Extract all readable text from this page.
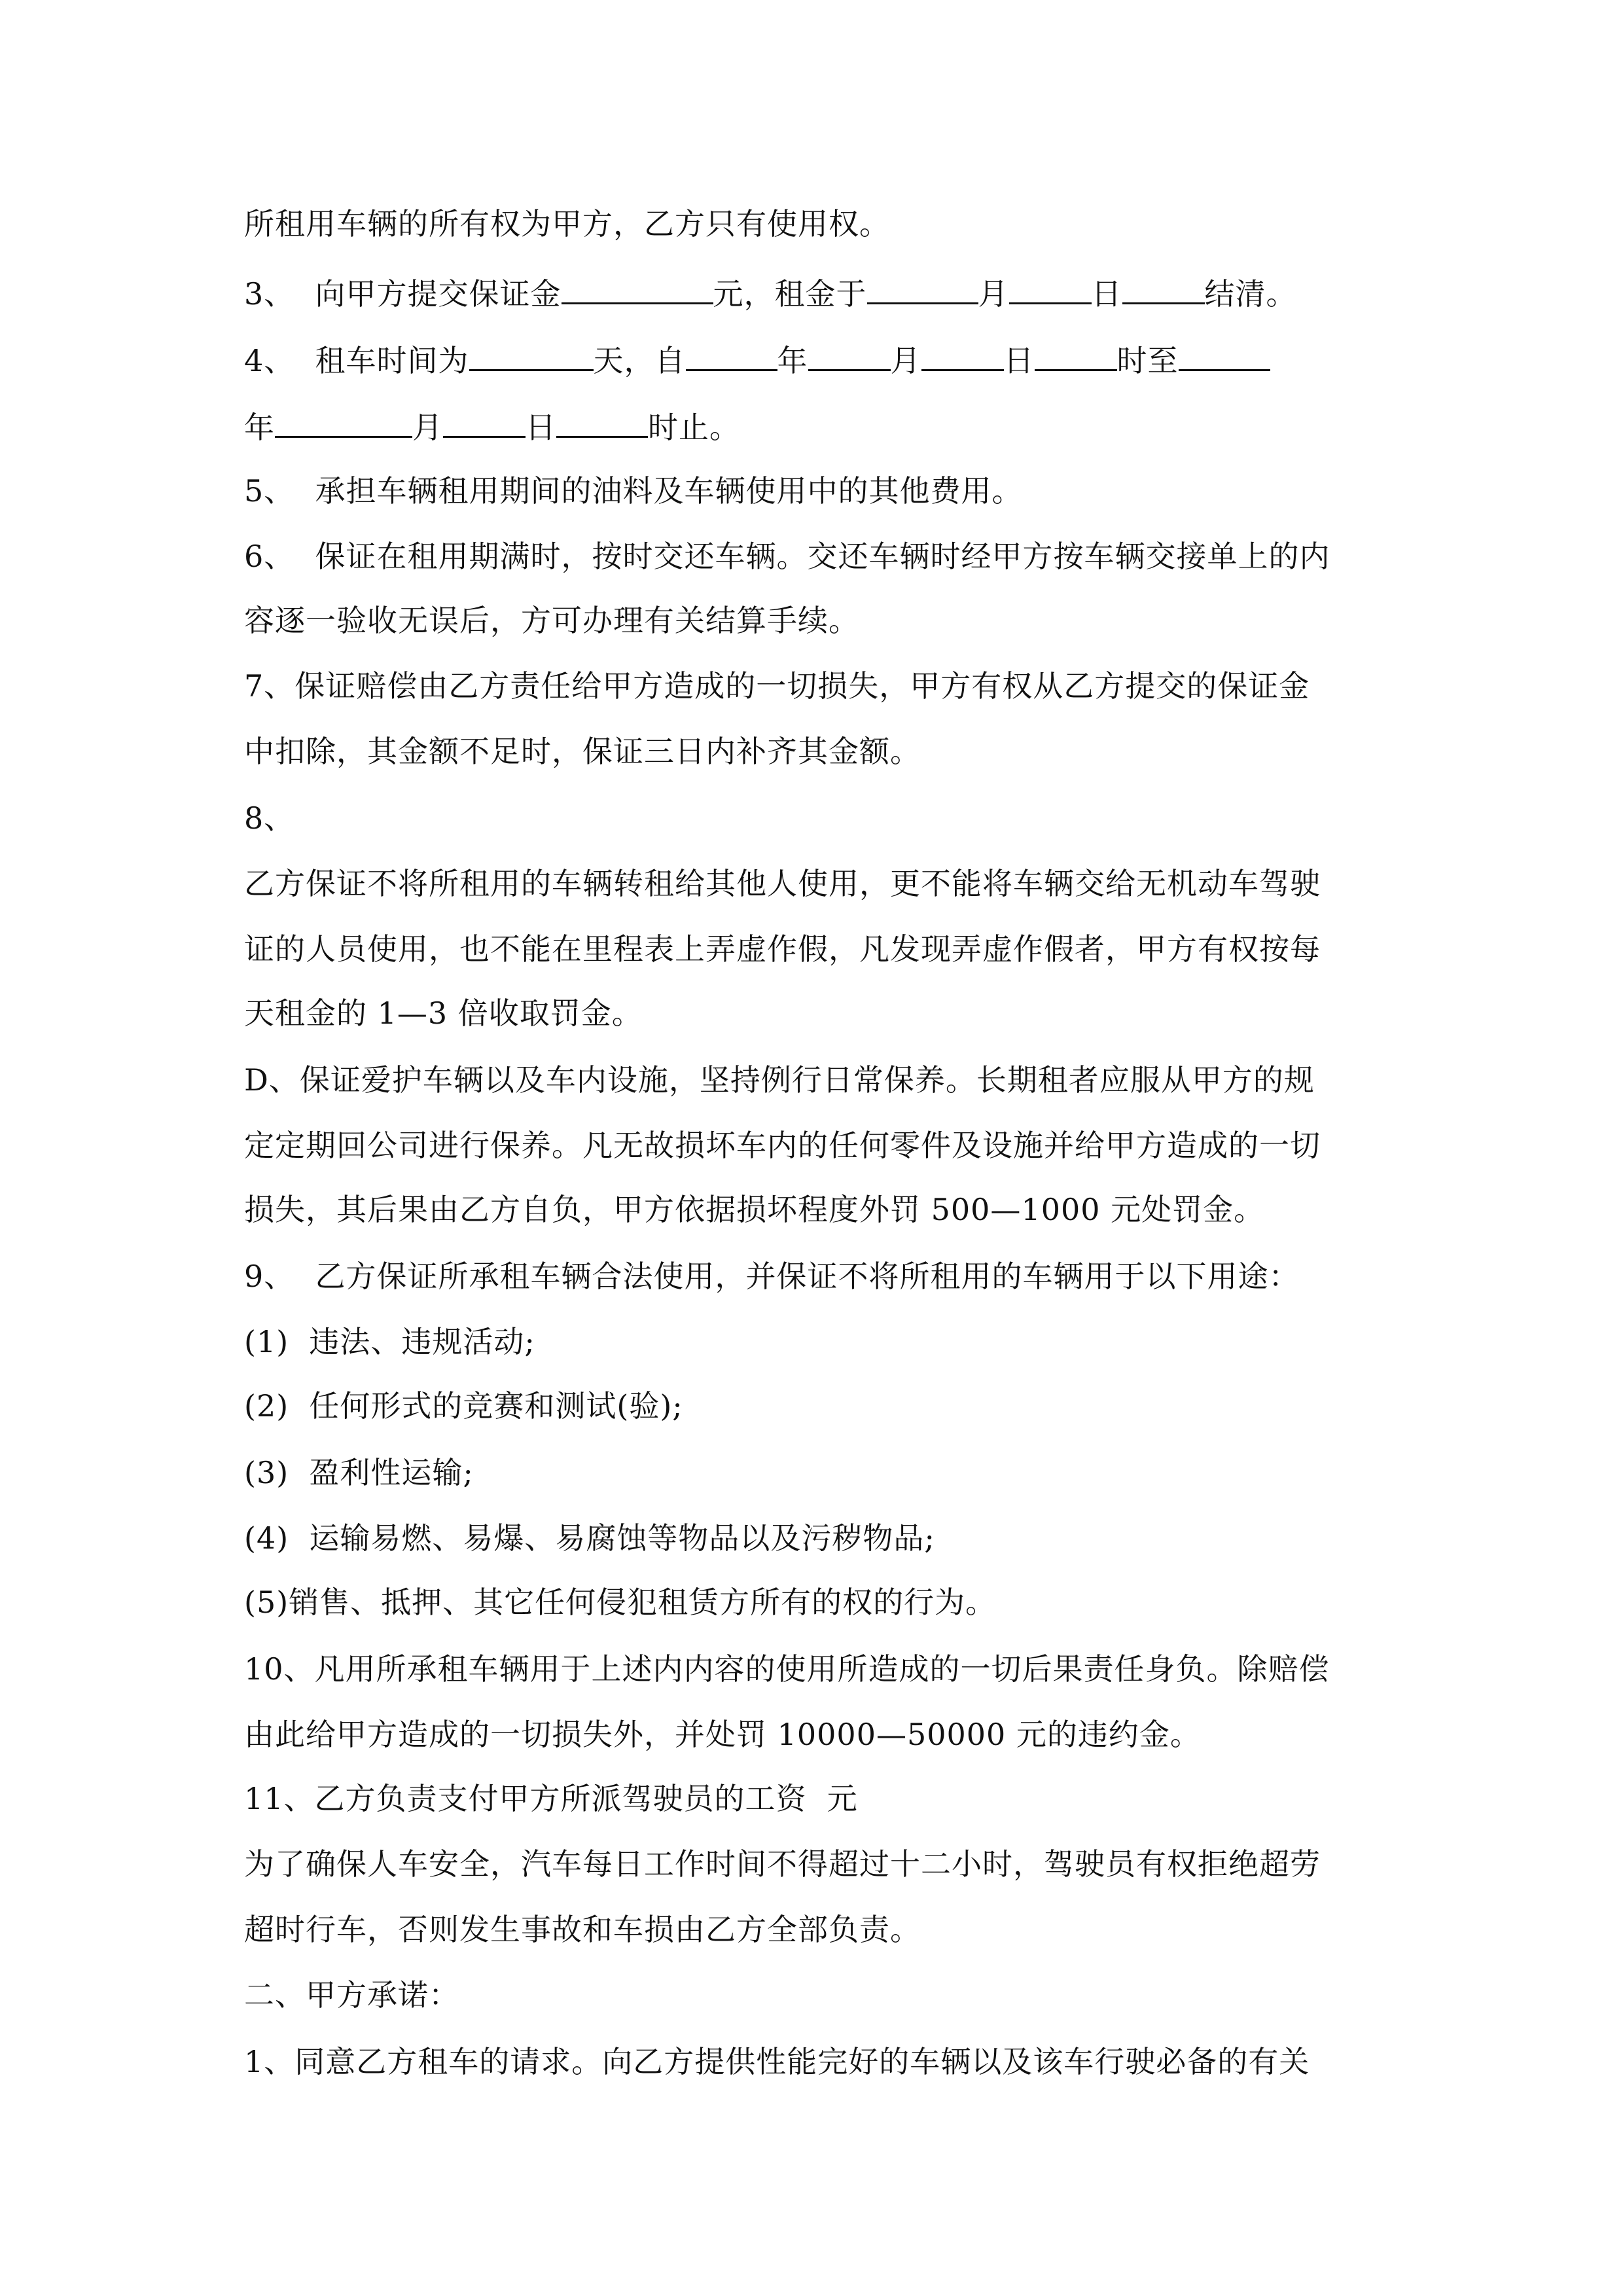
所租用车辆的所有权为甲方，乙方只有使用权。
3、  向甲方提交保证金	元，租金于	月	日	结清。
4、  租车时间为	天，自	年	月	日	时至
年	月	日	时止。
5、  承担车辆租用期间的油料及车辆使用中的其他费用。
6、  保证在租用期满时，按时交还车辆。交还车辆时经甲方按车辆交接单上的内
容逐一验收无误后，方可办理有关结算手续。
7、保证赔偿由乙方责任给甲方造成的一切损失，甲方有权从乙方提交的保证金
中扣除，其金额不足时，保证三日内补齐其金额。
8、
乙方保证不将所租用的车辆转租给其他人使用，更不能将车辆交给无机动车驾驶
证的人员使用，也不能在里程表上弄虚作假，凡发现弄虚作假者，甲方有权按每
天租金的 1—3 倍收取罚金。
D、保证爱护车辆以及车内设施，坚持例行日常保养。长期租者应服从甲方的规
定定期回公司进行保养。凡无故损坏车内的任何零件及设施并给甲方造成的一切
损失，其后果由乙方自负，甲方依据损坏程度外罚 500—1000 元处罚金。
9、  乙方保证所承租车辆合法使用，并保证不将所租用的车辆用于以下用途：
(1)  违法、违规活动;
(2)  任何形式的竞赛和测试(验);
(3)  盈利性运输;
(4)  运输易燃、易爆、易腐蚀等物品以及污秽物品;
(5)销售、抵押、其它任何侵犯租赁方所有的权的行为。
10、凡用所承租车辆用于上述内内容的使用所造成的一切后果责任身负。除赔偿
由此给甲方造成的一切损失外，并处罚 10000—50000 元的违约金。
11、乙方负责支付甲方所派驾驶员的工资  元
为了确保人车安全，汽车每日工作时间不得超过十二小时，驾驶员有权拒绝超劳
超时行车，否则发生事故和车损由乙方全部负责。
二、甲方承诺：
1、同意乙方租车的请求。向乙方提供性能完好的车辆以及该车行驶必备的有关
